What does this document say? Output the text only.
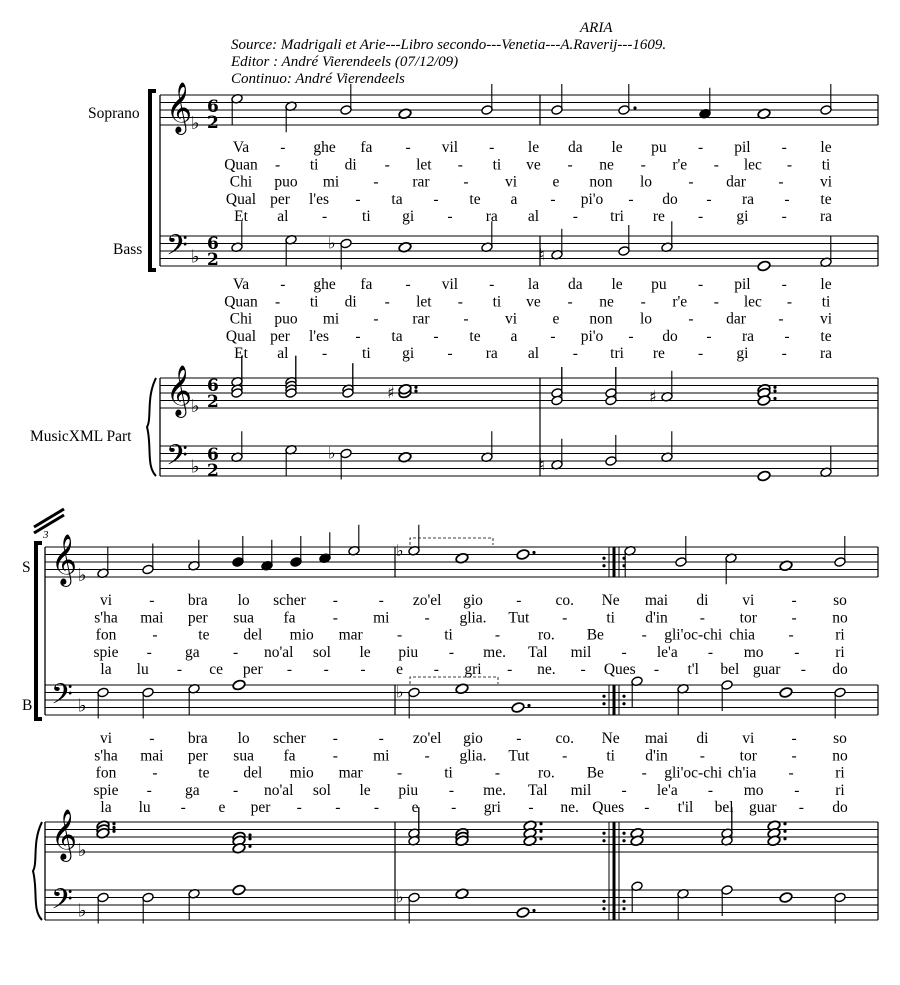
ARIA
Source: Madrigali et Arie---Libro secondo---Venetia---A.Raverij---1609.
Editor : André Vierendeels (07/12/09)
Continuo: André Vierendeels
𝄞
♭
𝄢 ♭
𝄞
♭
𝄢 ♭
𝄞 ♭
𝄢 ♭
𝄞 ♭
𝄢 ♭
Soprano
Bass
MusicXML Part
S
B
3
6
2
6
2
6
2
6
2
♭
♮
♯	♯
♭
♮
♭
♭
♭
Va - ghe fa - vil - le da le pu - pil - le
Quan - ti di - let - ti ve - ne - r'e - lec - ti
Chi puo mi - rar - vi e non lo - dar - vi
Qual per l'es - ta - te a - pi'o - do - ra - te
Et al - ti gi - ra al - tri re - gi - ra
Va - ghe fa - vil - la da le pu - pil - le
Quan - ti di - let - ti ve - ne - r'e - lec - ti
Chi puo mi - rar - vi e non lo - dar - vi
Qual per l'es - ta - te a - pi'o - do - ra - te
Et al - ti gi - ra al - tri re - gi - ra
vi - bra lo scher -	- zo'el gio - co. Ne mai di vi - so
s'ha mai per sua fa - mi - glia. Tut -	ti d'in - tor - no
fon -	te del mio mar -	ti	- ro. Be - gli'oc-chi chia -	ri
spie - ga - no'al sol le piu - me. Tal mil - le'a - mo - ri
la lu - ce per - - - e - gri - ne. - Ques - t'l bel guar - do
vi - bra lo scher -	- zo'el gio - co. Ne mai di vi - so
s'ha mai per sua fa - mi - glia. Tut -	ti d'in - tor - no
fon -	te del mio mar -	ti	- ro. Be - gli'oc-chi ch'ia -	ri
spie - ga - no'al sol le piu - me. Tal mil - le'a - mo - ri
la lu - e per - - - e - gri - ne. Ques - t'il bel guar - do
